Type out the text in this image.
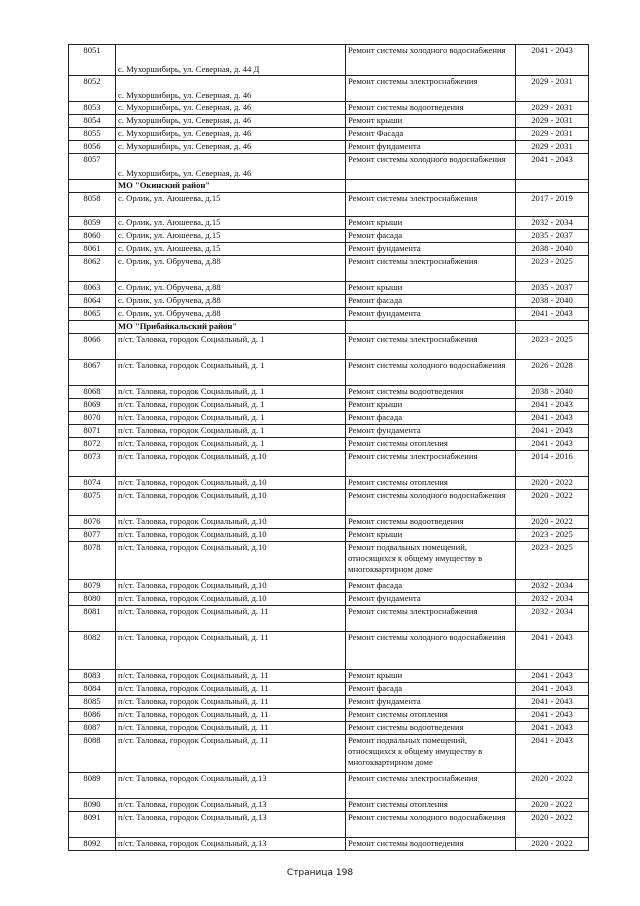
8051	с. Мухоршибирь, ул. Северная, д. 44 Д	Ремонт системы холодного водоснабжения	2041 - 2043
8052	с. Мухоршибирь, ул. Северная, д. 46	Ремонт системы электроснабжения	2029 - 2031
8053	с. Мухоршибирь, ул. Северная, д. 46	Ремонт системы водоотведения	2029 - 2031
8054	с. Мухоршибирь, ул. Северная, д. 46	Ремонт крыши	2029 - 2031
8055	с. Мухоршибирь, ул. Северная, д. 46	Ремонт Фасада	2029 - 2031
8056	с. Мухоршибирь, ул. Северная, д. 46	Ремонт фундамента	2029 - 2031
8057	с. Мухоршибирь, ул. Северная, д. 46	Ремонт системы холодного водоснабжения	2041 - 2043
	МО "Окинский район"		
8058	с. Орлик, ул. Аюшеева, д.15	Ремонт системы электроснабжения	2017 - 2019
8059	с. Орлик, ул. Аюшеева, д.15	Ремонт крыши	2032 - 2034
8060	с. Орлик, ул. Аюшеева, д.15	Ремонт фасада	2035 - 2037
8061	с. Орлик, ул. Аюшеева, д.15	Ремонт фундамента	2038 - 2040
8062	с. Орлик, ул. Обручева, д.88	Ремонт системы электроснабжения	2023 - 2025
8063	с. Орлик, ул. Обручева, д.88	Ремонт крыши	2035 - 2037
8064	с. Орлик, ул. Обручева, д.88	Ремонт фасада	2038 - 2040
8065	с. Орлик, ул. Обручева, д.88	Ремонт фундамента	2041 - 2043
	МО "Прибайкальский район"		
8066	п/ст. Таловка, городок Социальный, д. 1	Ремонт системы электроснабжения	2023 - 2025
8067	п/ст. Таловка, городок Социальный, д. 1	Ремонт системы холодного водоснабжения	2026 - 2028
8068	п/ст. Таловка, городок Социальный, д. 1	Ремонт системы водоотведения	2038 - 2040
8069	п/ст. Таловка, городок Социальный, д. 1	Ремонт крыши	2041 - 2043
8070	п/ст. Таловка, городок Социальный, д. 1	Ремонт фасада	2041 - 2043
8071	п/ст. Таловка, городок Социальный, д. 1	Ремонт фундамента	2041 - 2043
8072	п/ст. Таловка, городок Социальный, д. 1	Ремонт системы отопления	2041 - 2043
8073	п/ст. Таловка, городок Социальный, д.10	Ремонт системы электроснабжения	2014 - 2016
8074	п/ст. Таловка, городок Социальный, д.10	Ремонт системы отопления	2020 - 2022
8075	п/ст. Таловка, городок Социальный, д.10	Ремонт системы холодного водоснабжения	2020 - 2022
8076	п/ст. Таловка, городок Социальный, д.10	Ремонт системы водоотведения	2020 - 2022
8077	п/ст. Таловка, городок Социальный, д.10	Ремонт крыши	2023 - 2025
8078	п/ст. Таловка, городок Социальный, д.10	Ремонт подвальных помещений, относящихся к общему имуществу в многоквартирном доме	2023 - 2025
8079	п/ст. Таловка, городок Социальный, д.10	Ремонт фасада	2032 - 2034
8080	п/ст. Таловка, городок Социальный, д.10	Ремонт фундамента	2032 - 2034
8081	п/ст. Таловка, городок Социальный, д. 11	Ремонт системы электроснабжения	2032 - 2034
8082	п/ст. Таловка, городок Социальный, д. 11	Ремонт системы холодного водоснабжения	2041 - 2043
8083	п/ст. Таловка, городок Социальный, д. 11	Ремонт крыши	2041 - 2043
8084	п/ст. Таловка, городок Социальный, д. 11	Ремонт фасада	2041 - 2043
8085	п/ст. Таловка, городок Социальный, д. 11	Ремонт фундамента	2041 - 2043
8086	п/ст. Таловка, городок Социальный, д. 11	Ремонт системы отопления	2041 - 2043
8087	п/ст. Таловка, городок Социальный, д. 11	Ремонт системы водоотведения	2041 - 2043
8088	п/ст. Таловка, городок Социальный, д. 11	Ремонт подвальных помещений, относящихся к общему имуществу в многоквартирном доме	2041 - 2043
8089	п/ст. Таловка, городок Социальный, д.13	Ремонт системы электроснабжения	2020 - 2022
8090	п/ст. Таловка, городок Социальный, д.13	Ремонт системы отопления	2020 - 2022
8091	п/ст. Таловка, городок Социальный, д.13	Ремонт системы холодного водоснабжения	2020 - 2022
8092	п/ст. Таловка, городок Социальный, д.13	Ремонт системы водоотведения	2020 - 2022
Страница 198
